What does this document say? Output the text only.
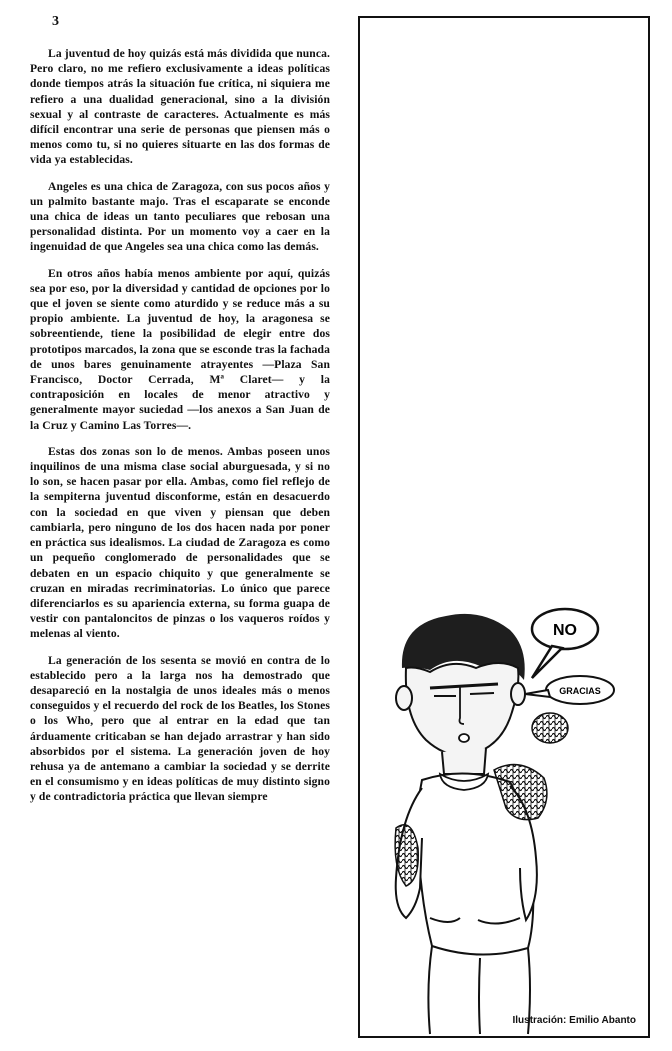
3

La juventud de hoy quizás está más dividida que nunca. Pero claro, no me refiero exclusivamente a ideas políticas donde tiempos atrás la situación fue crítica, ni siquiera me refiero a una dualidad generacional, sino a la división sexual y al contraste de caracteres. Actualmente es más difícil encontrar una serie de personas que piensen más o menos como tu, si no quieres situarte en las dos formas de vida ya establecidas.

Angeles es una chica de Zaragoza, con sus pocos años y un palmito bastante majo. Tras el escaparate se enconde una chica de ideas un tanto peculiares que rebosan una personalidad distinta. Por un momento voy a caer en la ingenuidad de que Angeles sea una chica como las demás.

En otros años había menos ambiente por aquí, quizás sea por eso, por la diversidad y cantidad de opciones por lo que el joven se siente como aturdido y se reduce más a su propio ambiente. La juventud de hoy, la aragonesa se sobreentiende, tiene la posibilidad de elegir entre dos prototipos marcados, la zona que se esconde tras la fachada de unos bares genuinamente atrayentes —Plaza San Francisco, Doctor Cerrada, Mª Claret— y la contraposición en locales de menor atractivo y generalmente mayor suciedad —los anexos a San Juan de la Cruz y Camino Las Torres—.

Estas dos zonas son lo de menos. Ambas poseen unos inquilinos de una misma clase social aburguesada, y si no lo son, se hacen pasar por ella. Ambas, como fiel reflejo de la sempiterna juventud disconforme, están en desacuerdo con la sociedad en que viven y piensan que deben cambiarla, pero ninguno de los dos hacen nada por poner en práctica sus idealismos. La ciudad de Zaragoza es como un pequeño conglomerado de personalidades que se debaten en un espacio chiquito y que generalmente se cruzan en miradas recriminatorias. Lo único que parece diferenciarlos es su apariencia externa, su forma guapa de vestir con pantaloncitos de pinzas o los vaqueros roídos y melenas al viento.

La generación de los sesenta se movió en contra de lo establecido pero a la larga nos ha demostrado que desapareció en la nostalgia de unos ideales más o menos conseguidos y el recuerdo del rock de los Beatles, los Stones o los Who, pero que al entrar en la edad que tan árduamente criticaban se han dejado arrastrar y han sido absorbidos por el sistema. La generación joven de hoy rehusa ya de antemano a cambiar la sociedad y se derrite en el consumismo y en ideas políticas de muy distinto signo y de contradictoria práctica que llevan siempre

NO
GRACIAS
Ilustración: Emilio Abanto
